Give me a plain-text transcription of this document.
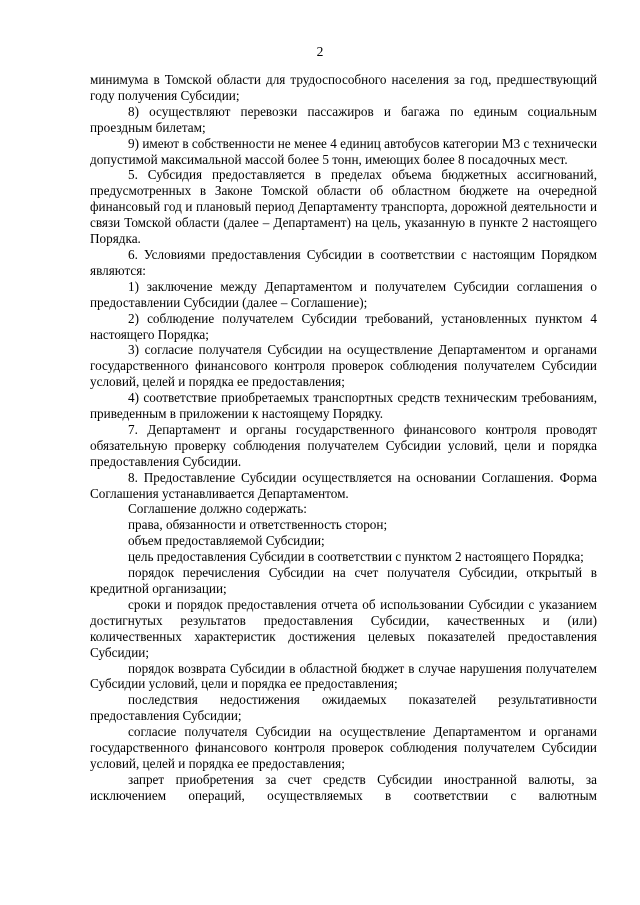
2

минимума в Томской области для трудоспособного населения за год, предшествующий году получения Субсидии;

8) осуществляют перевозки пассажиров и багажа по единым социальным проездным билетам;

9) имеют в собственности не менее 4 единиц автобусов категории М3 с технически допустимой максимальной массой более 5 тонн, имеющих более 8 посадочных мест.

5. Субсидия предоставляется в пределах объема бюджетных ассигнований, предусмотренных в Законе Томской области об областном бюджете на очередной финансовый год и плановый период Департаменту транспорта, дорожной деятельности и связи Томской области (далее – Департамент) на цель, указанную в пункте 2 настоящего Порядка.

6. Условиями предоставления Субсидии в соответствии с настоящим Порядком являются:

1) заключение между Департаментом и получателем Субсидии соглашения о предоставлении Субсидии (далее – Соглашение);

2) соблюдение получателем Субсидии требований, установленных пунктом 4 настоящего Порядка;

3) согласие получателя Субсидии на осуществление Департаментом и органами государственного финансового контроля проверок соблюдения получателем Субсидии условий, целей и порядка ее предоставления;

4) соответствие приобретаемых транспортных средств техническим требованиям, приведенным в приложении к настоящему Порядку.

7. Департамент и органы государственного финансового контроля проводят обязательную проверку соблюдения получателем Субсидии условий, цели и порядка предоставления Субсидии.

8. Предоставление Субсидии осуществляется на основании Соглашения. Форма Соглашения устанавливается Департаментом.

Соглашение должно содержать:

права, обязанности и ответственность сторон;

объем предоставляемой Субсидии;

цель предоставления Субсидии в соответствии с пунктом 2 настоящего Порядка;

порядок перечисления Субсидии на счет получателя Субсидии, открытый в кредитной организации;

сроки и порядок предоставления отчета об использовании Субсидии с указанием достигнутых результатов предоставления Субсидии, качественных и (или) количественных характеристик достижения целевых показателей предоставления Субсидии;

порядок возврата Субсидии в областной бюджет в случае нарушения получателем Субсидии условий, цели и порядка ее предоставления;

последствия недостижения ожидаемых показателей результативности предоставления Субсидии;

согласие получателя Субсидии на осуществление Департаментом и органами государственного финансового контроля проверок соблюдения получателем Субсидии условий, целей и порядка ее предоставления;

запрет приобретения за счет средств Субсидии иностранной валюты, за исключением операций, осуществляемых в соответствии с валютным
